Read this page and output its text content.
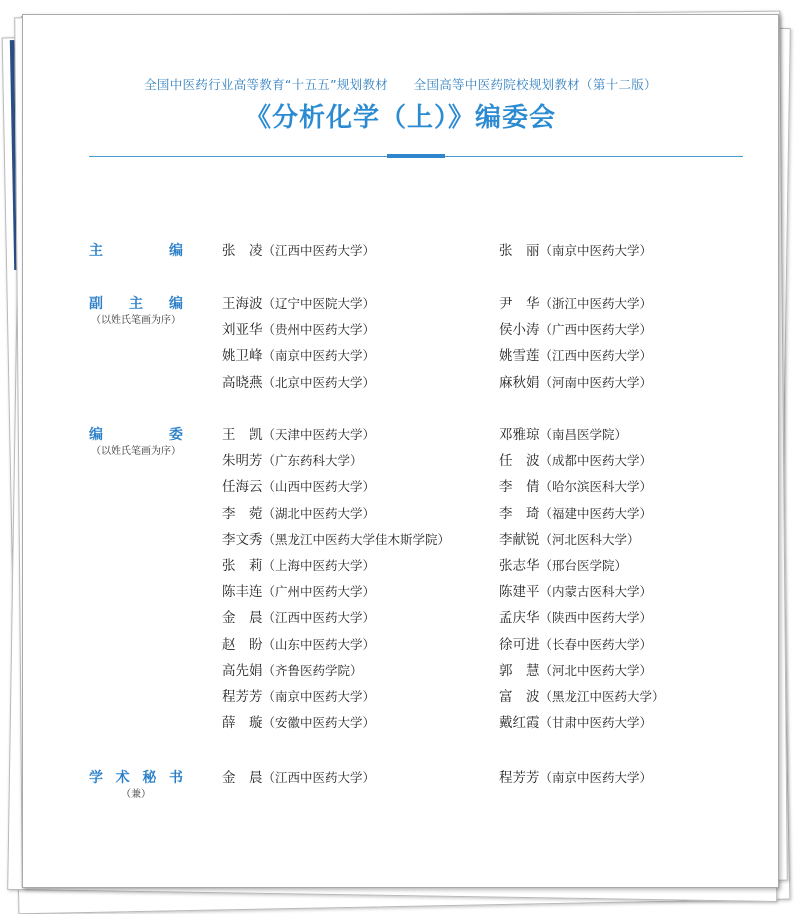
全国中医药行业高等教育“十五五”规划教材　　全国高等中医药院校规划教材（第十二版）
《分析化学（上）》编委会
主	编	张凌（江西中医药大学）	张丽（南京中医药大学）
副 主 编
（以姓氏笔画为序）
王海波（辽宁中医院大学）	尹华（浙江中医药大学）
刘亚华（贵州中医药大学）	侯小涛（广西中医药大学）
姚卫峰（南京中医药大学）	姚雪莲（江西中医药大学）
高晓燕（北京中医药大学）	麻秋娟（河南中医药大学）
编	委
（以姓氏笔画为序）
王凯（天津中医药大学）	邓雅琼（南昌医学院）
朱明芳（广东药科大学）	任波（成都中医药大学）
任海云（山西中医药大学）	李倩（哈尔滨医科大学）
李菀（湖北中医药大学）	李琦（福建中医药大学）
李文秀（黑龙江中医药大学佳木斯学院）	李献锐（河北医科大学）
张莉（上海中医药大学）	张志华（邢台医学院）
陈丰连（广州中医药大学）	陈建平（内蒙古医科大学）
金晨（江西中医药大学）	孟庆华（陕西中医药大学）
赵盼（山东中医药大学）	徐可进（长春中医药大学）
高先娟（齐鲁医药学院）	郭慧（河北中医药大学）
程芳芳（南京中医药大学）	富波（黑龙江中医药大学）
薛璇（安徽中医药大学）	戴红霞（甘肃中医药大学）
学 术 秘 书
（兼）
金晨（江西中医药大学）	程芳芳（南京中医药大学）
